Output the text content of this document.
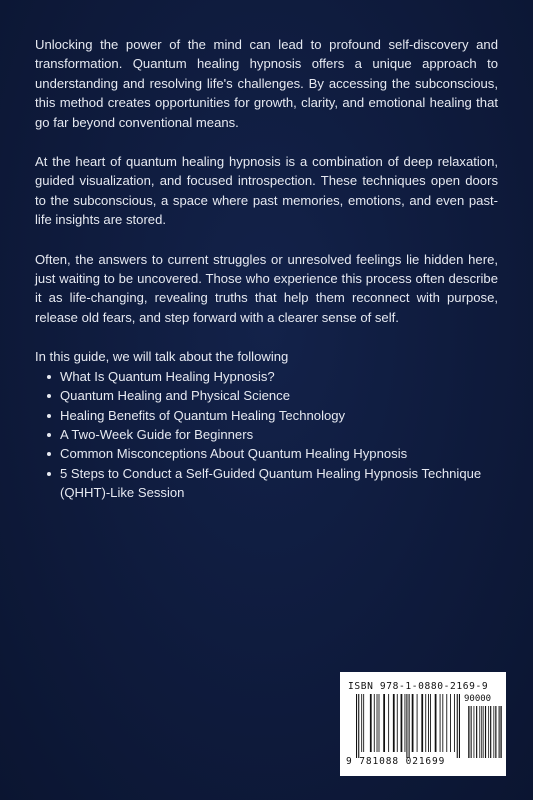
Unlocking the power of the mind can lead to profound self-discovery and transformation. Quantum healing hypnosis offers a unique approach to understanding and resolving life's challenges. By accessing the subconscious, this method creates opportunities for growth, clarity, and emotional healing that go far beyond conventional means.

At the heart of quantum healing hypnosis is a combination of deep relaxation, guided visualization, and focused introspection. These techniques open doors to the subconscious, a space where past memories, emotions, and even past-life insights are stored.

Often, the answers to current struggles or unresolved feelings lie hidden here, just waiting to be uncovered. Those who experience this process often describe it as life-changing, revealing truths that help them reconnect with purpose, release old fears, and step forward with a clearer sense of self.

In this guide, we will talk about the following

What Is Quantum Healing Hypnosis?
Quantum Healing and Physical Science
Healing Benefits of Quantum Healing Technology
A Two-Week Guide for Beginners
Common Misconceptions About Quantum Healing Hypnosis
5 Steps to Conduct a Self-Guided Quantum Healing Hypnosis Technique (QHHT)-Like Session
ISBN 978-1-0880-2169-9
9 781088 021699
90000
